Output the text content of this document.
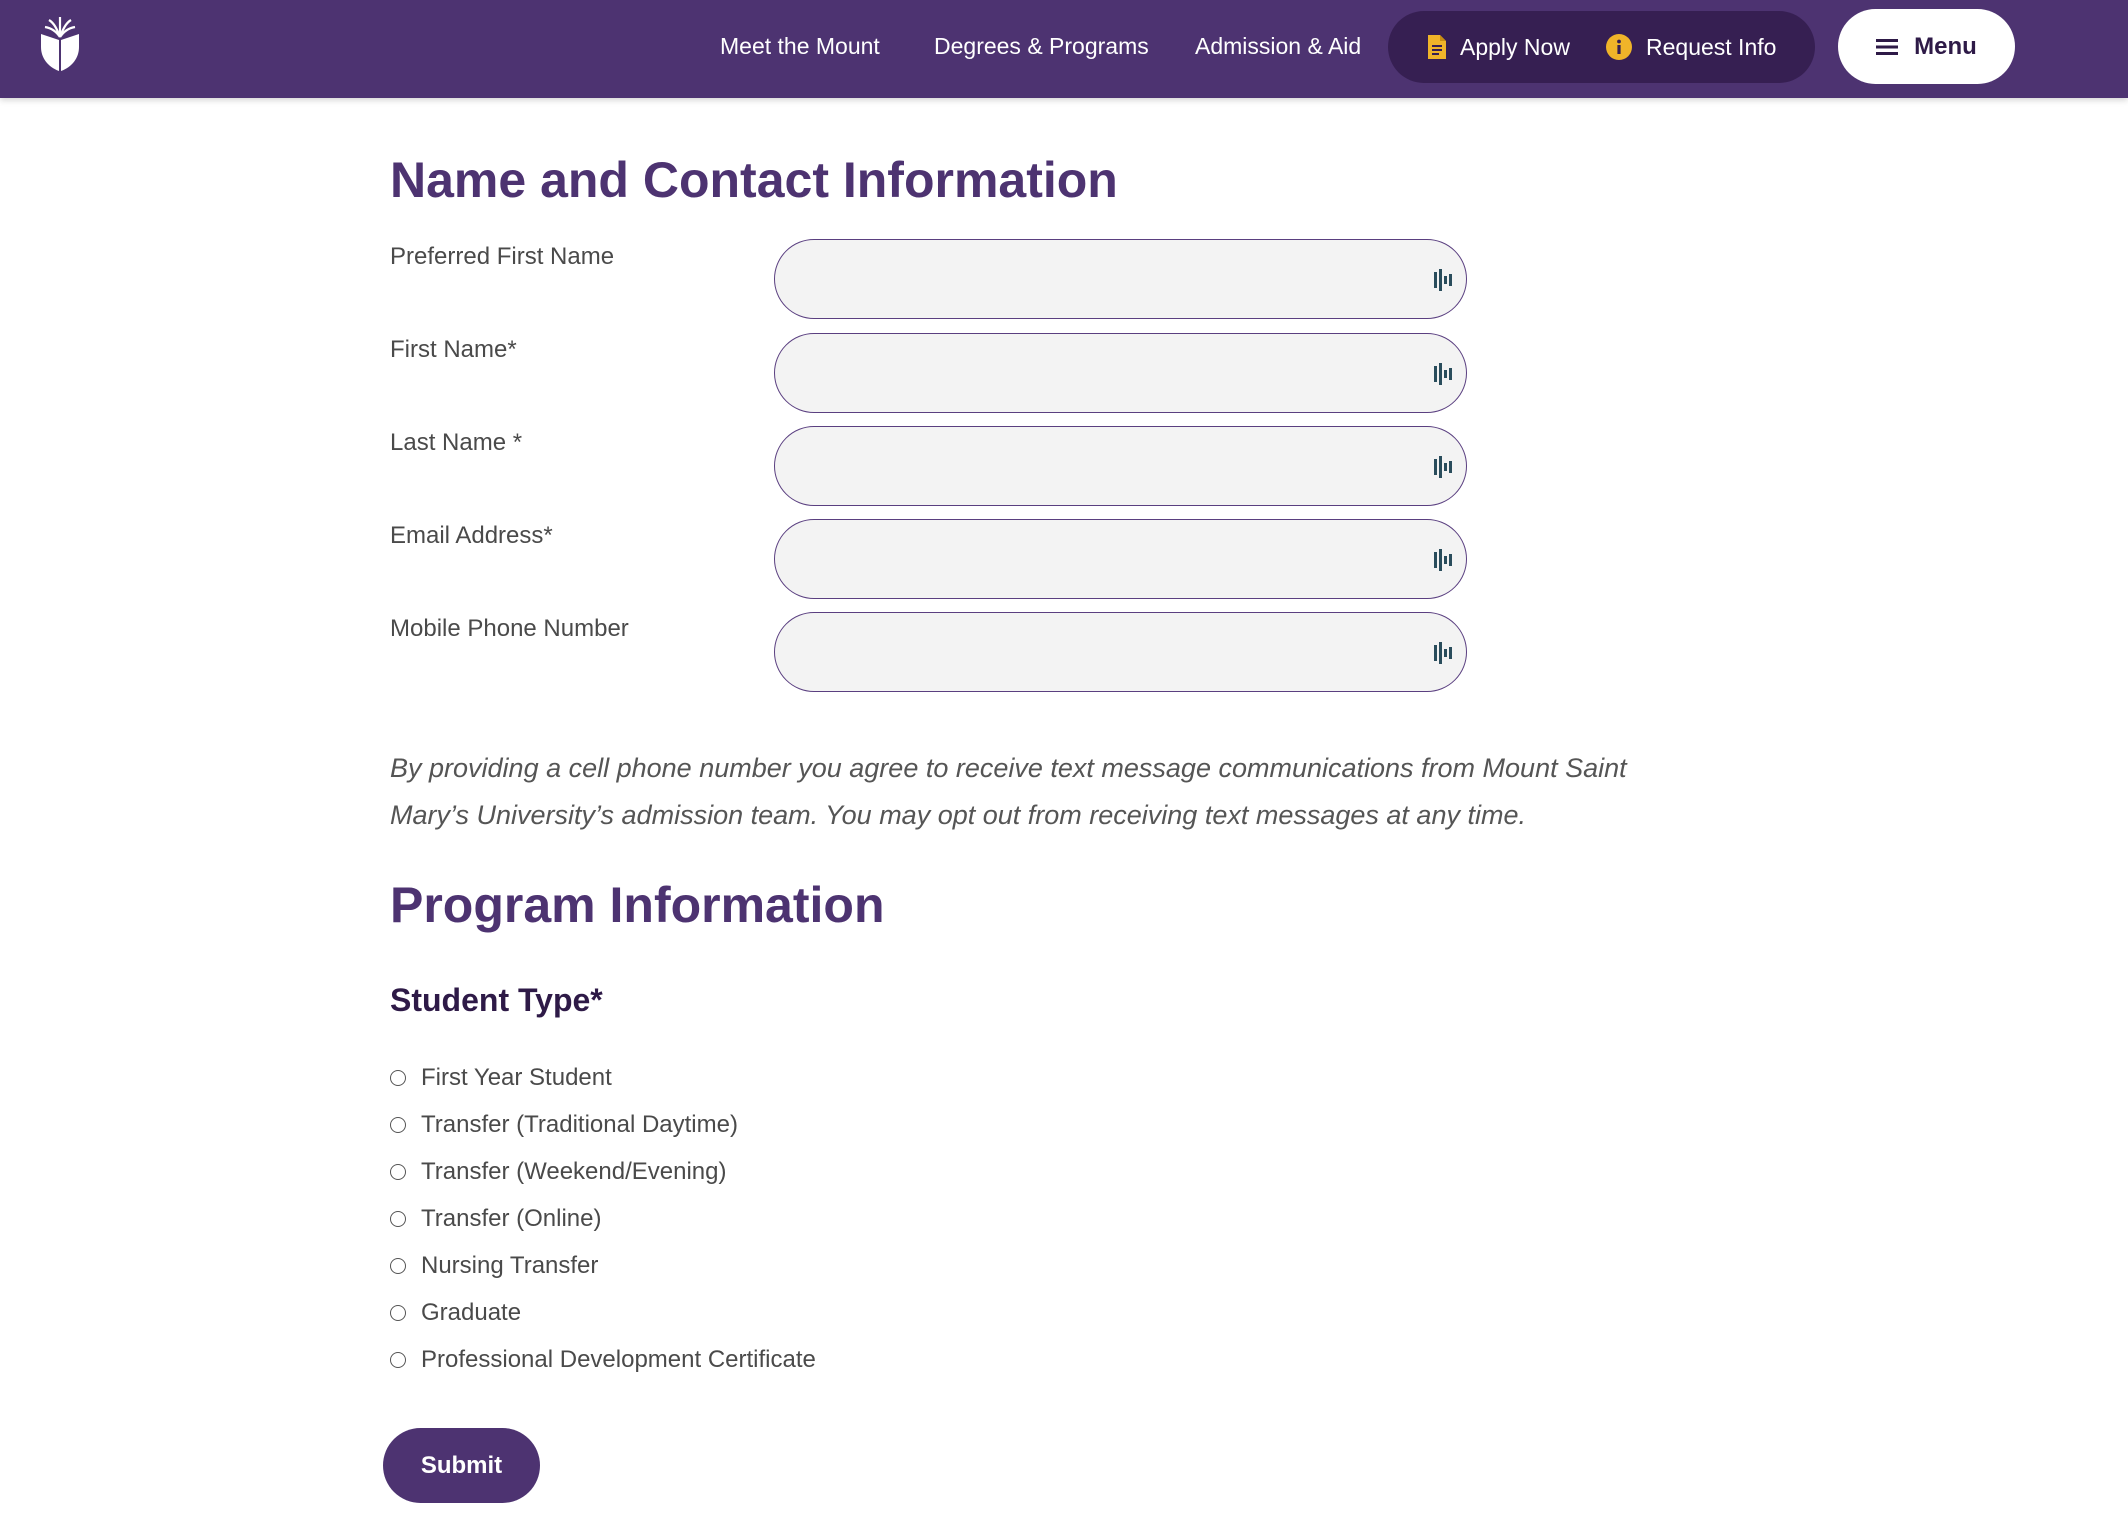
Meet the Mount Degrees & Programs Admission & Aid	Apply Now	Request Info	Menu
Name and Contact Information
Preferred First Name
First Name*
Last Name *
Email Address*
Mobile Phone Number

By providing a cell phone number you agree to receive text message communications from Mount Saint Mary’s University’s admission team. You may opt out from receiving text messages at any time.

Program Information
Student Type*
First Year Student
Transfer (Traditional Daytime)
Transfer (Weekend/Evening)
Transfer (Online)
Nursing Transfer
Graduate
Professional Development Certificate
Submit
